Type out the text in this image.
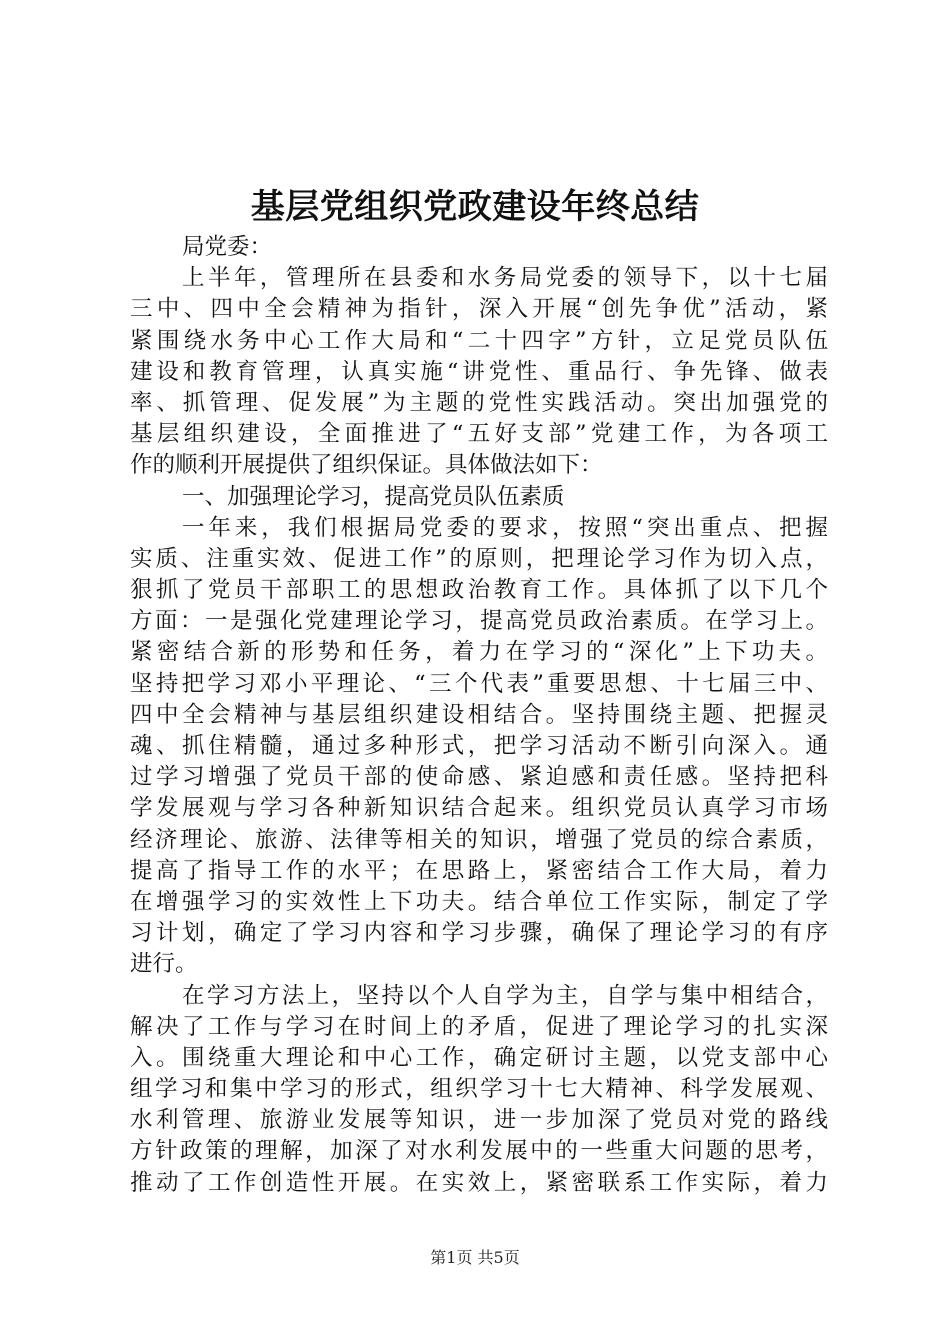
基层党组织党政建设年终总结
局党委：
上半年，管理所在县委和水务局党委的领导下，以十七届
三中、四中全会精神为指针，深入开展“创先争优”活动，紧
紧围绕水务中心工作大局和“二十四字”方针，立足党员队伍
建设和教育管理，认真实施“讲党性、重品行、争先锋、做表
率、抓管理、促发展”为主题的党性实践活动。突出加强党的
基层组织建设，全面推进了“五好支部”党建工作，为各项工
作的顺利开展提供了组织保证。具体做法如下：
一、加强理论学习，提高党员队伍素质
一年来，我们根据局党委的要求，按照“突出重点、把握
实质、注重实效、促进工作”的原则，把理论学习作为切入点，
狠抓了党员干部职工的思想政治教育工作。具体抓了以下几个
方面：一是强化党建理论学习，提高党员政治素质。在学习上。
紧密结合新的形势和任务，着力在学习的“深化”上下功夫。
坚持把学习邓小平理论、“三个代表”重要思想、十七届三中、
四中全会精神与基层组织建设相结合。坚持围绕主题、把握灵
魂、抓住精髓，通过多种形式，把学习活动不断引向深入。通
过学习增强了党员干部的使命感、紧迫感和责任感。坚持把科
学发展观与学习各种新知识结合起来。组织党员认真学习市场
经济理论、旅游、法律等相关的知识，增强了党员的综合素质，
提高了指导工作的水平；在思路上，紧密结合工作大局，着力
在增强学习的实效性上下功夫。结合单位工作实际，制定了学
习计划，确定了学习内容和学习步骤，确保了理论学习的有序
进行。
在学习方法上，坚持以个人自学为主，自学与集中相结合，
解决了工作与学习在时间上的矛盾，促进了理论学习的扎实深
入。围绕重大理论和中心工作，确定研讨主题，以党支部中心
组学习和集中学习的形式，组织学习十七大精神、科学发展观、
水利管理、旅游业发展等知识，进一步加深了党员对党的路线
方针政策的理解，加深了对水利发展中的一些重大问题的思考，
推动了工作创造性开展。在实效上，紧密联系工作实际，着力
第1页 共5页
